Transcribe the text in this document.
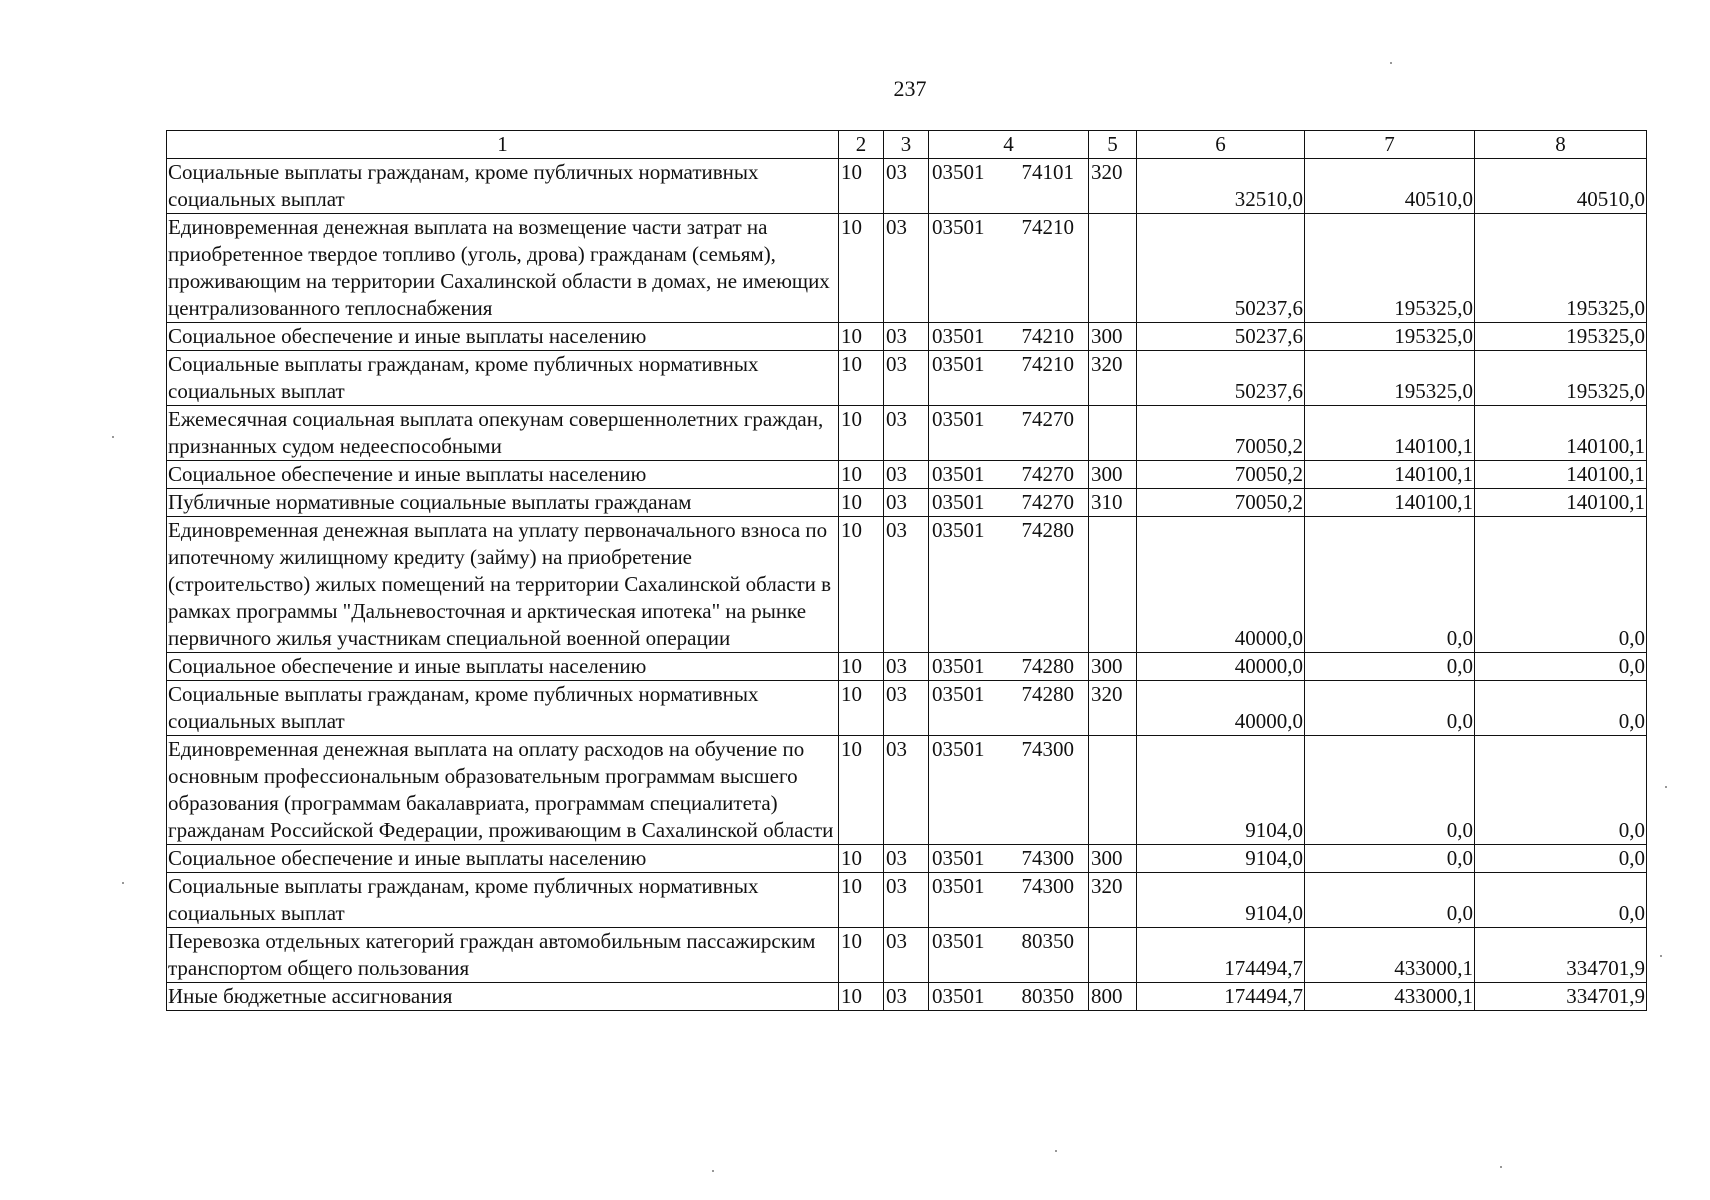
237
1	2	3	4	5	6	7	8
Социальные выплаты гражданам, кроме публичных нормативных социальных выплат	10	03	03501 74101	320	32510,0	40510,0	40510,0
Единовременная денежная выплата на возмещение части затрат на приобретенное твердое топливо (уголь, дрова) гражданам (семьям), проживающим на территории Сахалинской области в домах, не имеющих централизованного теплоснабжения	10	03	03501 74210		50237,6	195325,0	195325,0
Социальное обеспечение и иные выплаты населению	10	03	03501 74210	300	50237,6	195325,0	195325,0
Социальные выплаты гражданам, кроме публичных нормативных социальных выплат	10	03	03501 74210	320	50237,6	195325,0	195325,0
Ежемесячная социальная выплата опекунам совершеннолетних граждан, признанных судом недееспособными	10	03	03501 74270		70050,2	140100,1	140100,1
Социальное обеспечение и иные выплаты населению	10	03	03501 74270	300	70050,2	140100,1	140100,1
Публичные нормативные социальные выплаты гражданам	10	03	03501 74270	310	70050,2	140100,1	140100,1
Единовременная денежная выплата на уплату первоначального взноса по ипотечному жилищному кредиту (займу) на приобретение (строительство) жилых помещений на территории Сахалинской области в рамках программы "Дальневосточная и арктическая ипотека" на рынке первичного жилья участникам специальной военной операции	10	03	03501 74280		40000,0	0,0	0,0
Социальное обеспечение и иные выплаты населению	10	03	03501 74280	300	40000,0	0,0	0,0
Социальные выплаты гражданам, кроме публичных нормативных социальных выплат	10	03	03501 74280	320	40000,0	0,0	0,0
Единовременная денежная выплата на оплату расходов на обучение по основным профессиональным образовательным программам высшего образования (программам бакалавриата, программам специалитета) гражданам Российской Федерации, проживающим в Сахалинской области	10	03	03501 74300		9104,0	0,0	0,0
Социальное обеспечение и иные выплаты населению	10	03	03501 74300	300	9104,0	0,0	0,0
Социальные выплаты гражданам, кроме публичных нормативных социальных выплат	10	03	03501 74300	320	9104,0	0,0	0,0
Перевозка отдельных категорий граждан автомобильным пассажирским транспортом общего пользования	10	03	03501 80350		174494,7	433000,1	334701,9
Иные бюджетные ассигнования	10	03	03501 80350	800	174494,7	433000,1	334701,9
